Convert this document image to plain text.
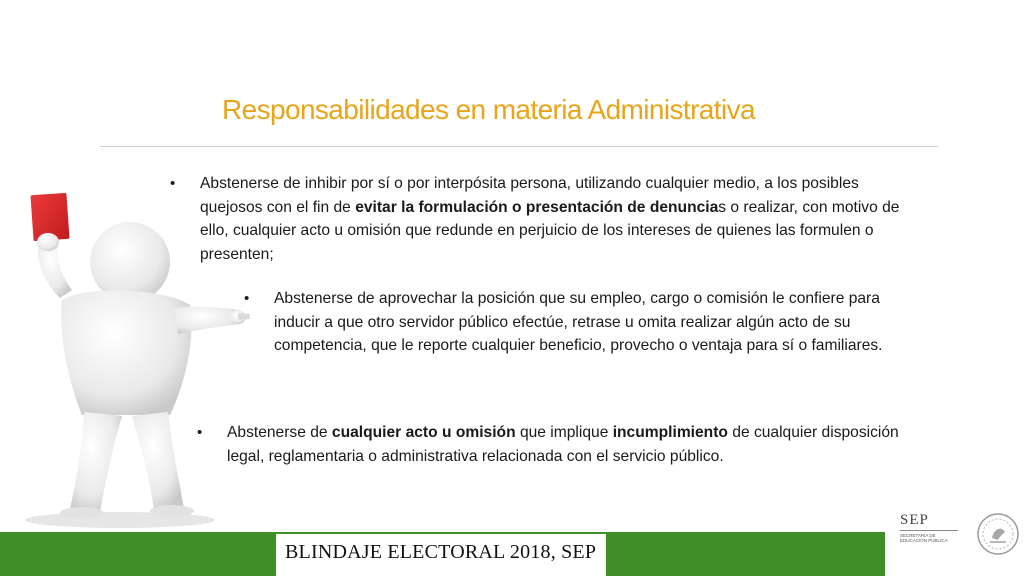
Responsabilidades en materia Administrativa
• Abstenerse de inhibir por sí o por interpósita persona, utilizando cualquier medio, a los posibles quejosos con el fin de evitar la formulación o presentación de denuncias o realizar, con motivo de ello, cualquier acto u omisión que redunde en perjuicio de los intereses de quienes las formulen o presenten;
• Abstenerse de aprovechar la posición que su empleo, cargo o comisión le confiere para inducir a que otro servidor público efectúe, retrase u omita realizar algún acto de su competencia, que le reporte cualquier beneficio, provecho o ventaja para sí o familiares.
• Abstenerse de cualquier acto u omisión que implique incumplimiento de cualquier disposición legal, reglamentaria o administrativa relacionada con el servicio público.
BLINDAJE ELECTORAL 2018, SEP
SEP
SECRETARÍA DE
EDUCACIÓN PÚBLICA
